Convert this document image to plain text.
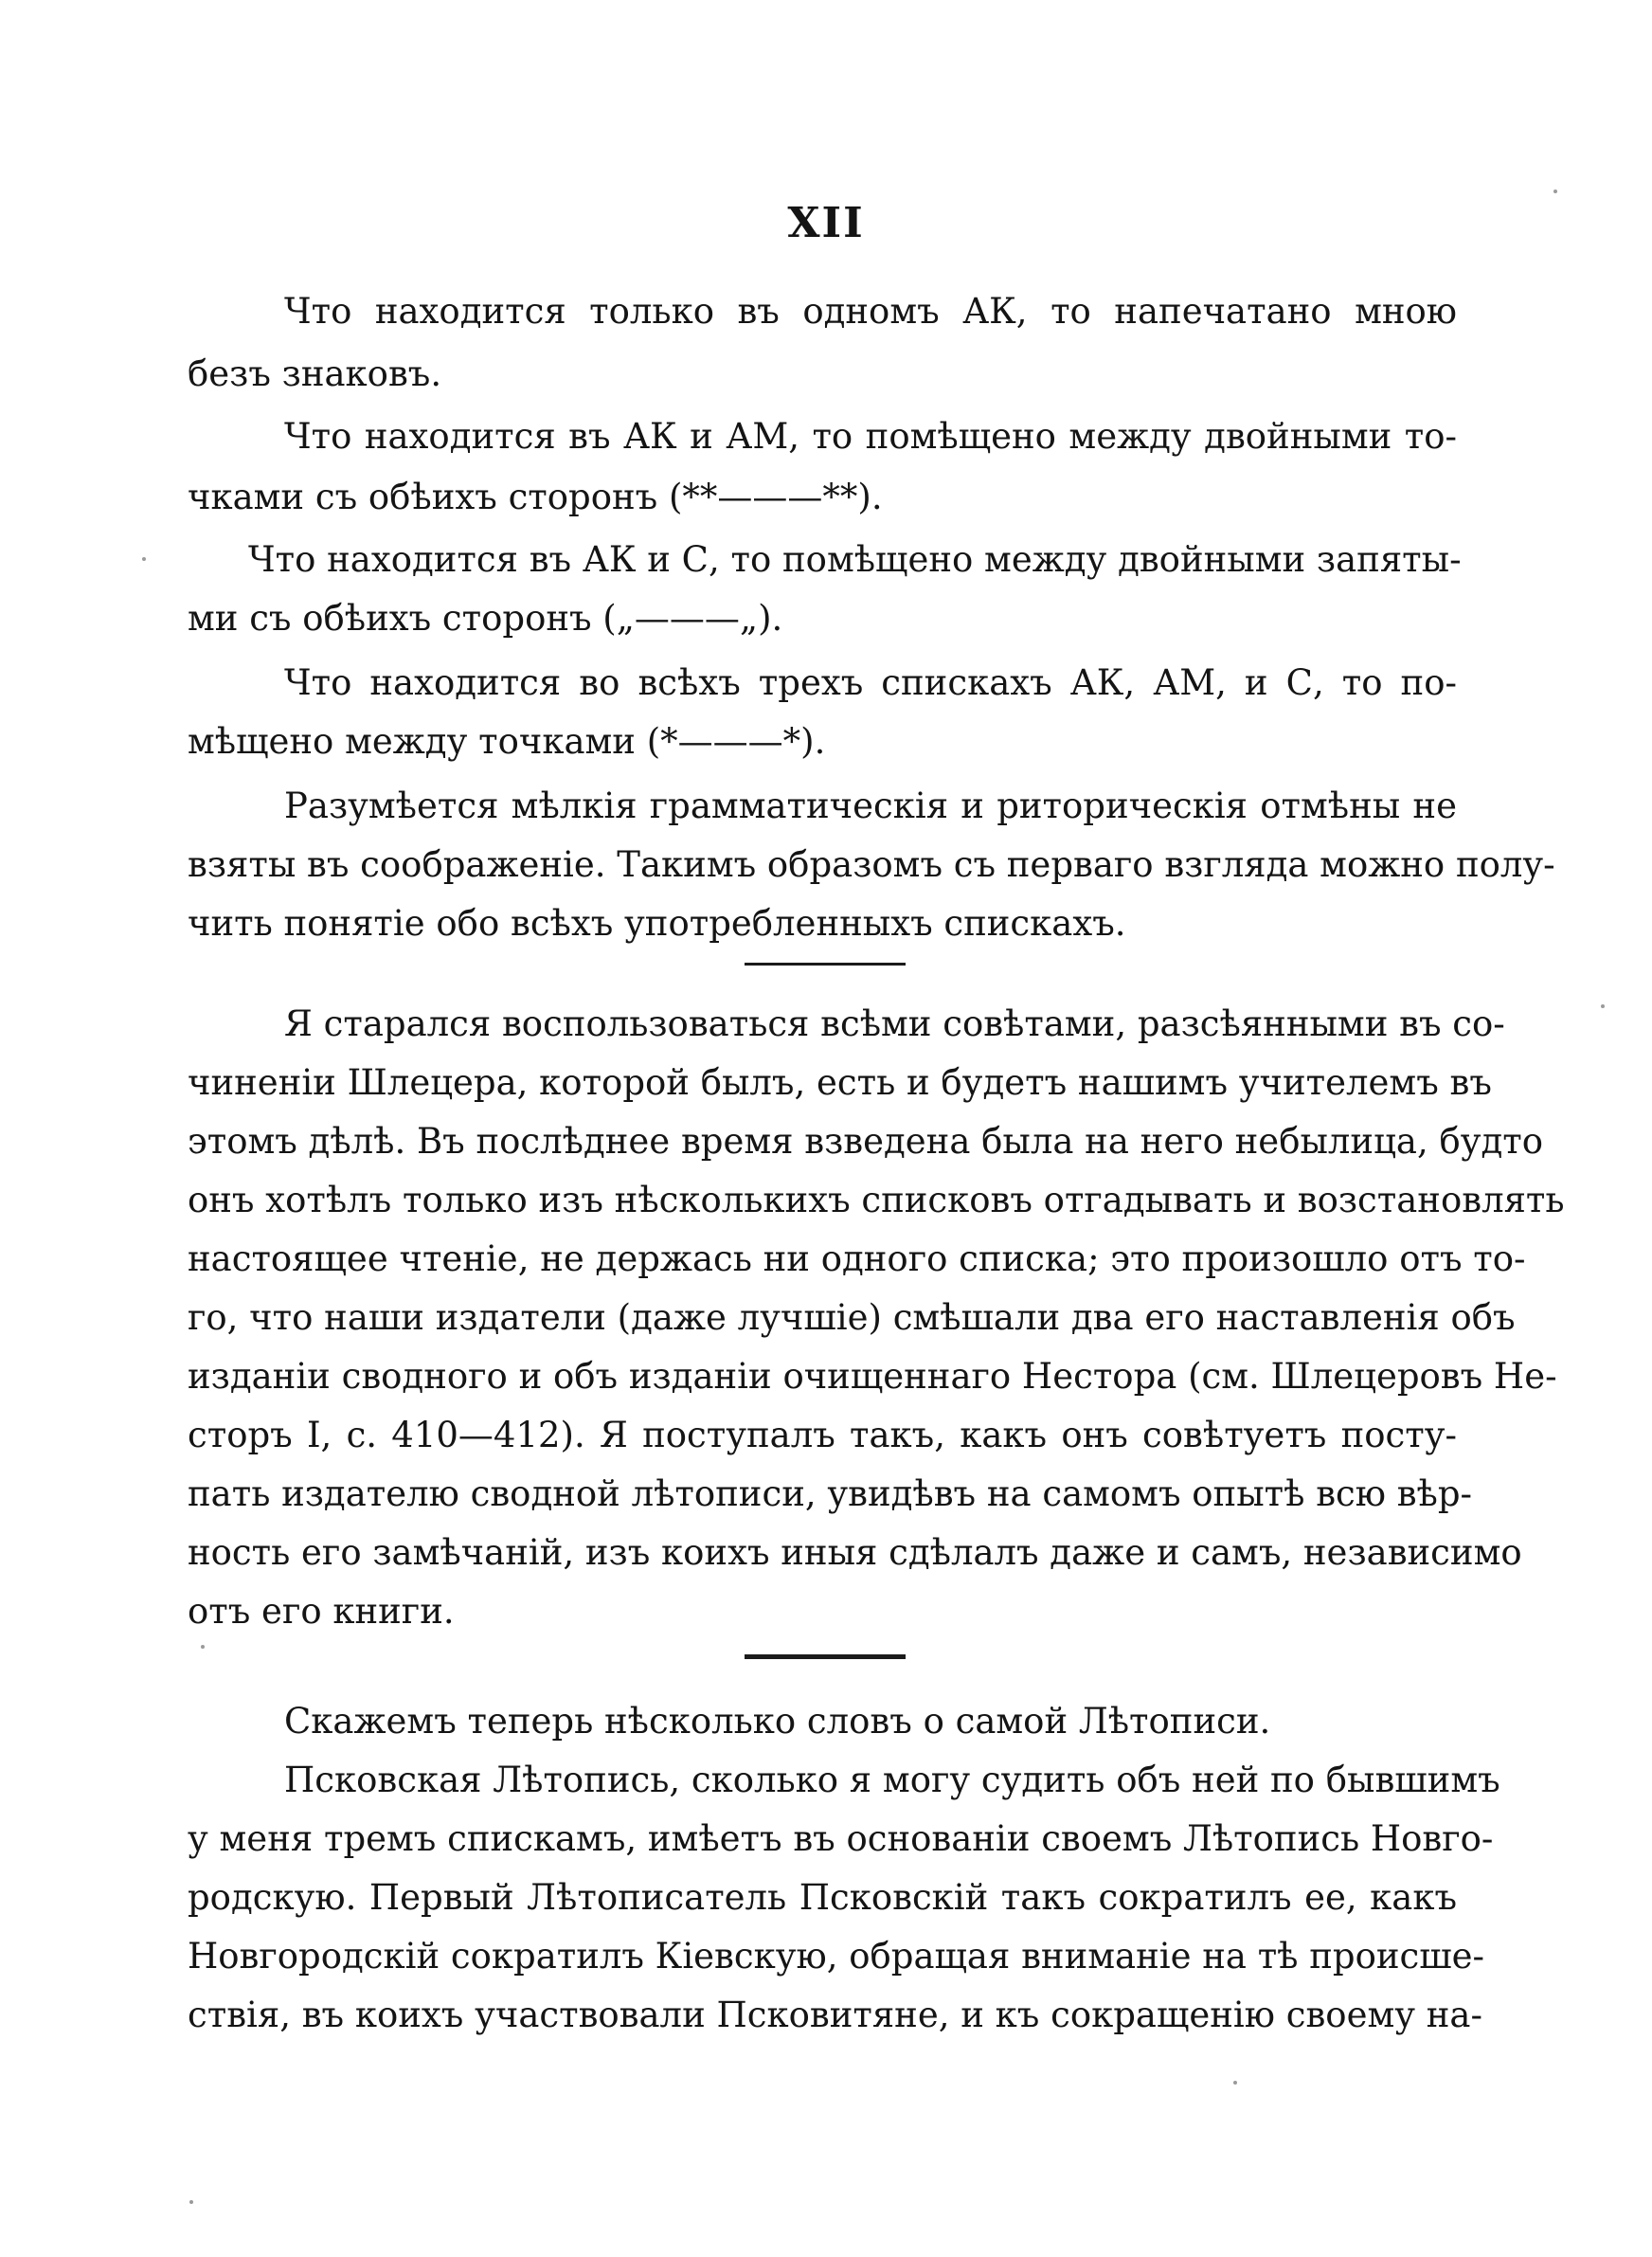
XII
Что находится только въ одномъ АК, то напечатано мною
безъ знаковъ.
Что находится въ АК и АМ, то помѣщено между двойными то-
чками съ обѣихъ сторонъ (**———**).
Что находится въ АК и С, то помѣщено между двойными запяты-
ми съ обѣихъ сторонъ („———„).
Что находится во всѣхъ трехъ спискахъ АК, АМ, и С, то по-
мѣщено между точками (*———*).
Разумѣется мѣлкія грамматическія и риторическія отмѣны не
взяты въ соображеніе. Такимъ образомъ съ перваго взгляда можно полу-
чить понятіе обо всѣхъ употребленныхъ спискахъ.
Я старался воспользоваться всѣми совѣтами, разсѣянными въ со-
чиненіи Шлецера, которой былъ, есть и будетъ нашимъ учителемъ въ
этомъ дѣлѣ. Въ послѣднее время взведена была на него небылица, будто
онъ хотѣлъ только изъ нѣсколькихъ списковъ отгадывать и возстановлять
настоящее чтеніе, не держась ни одного списка; это произошло отъ то-
го, что наши издатели (даже лучшіе) смѣшали два его наставленія объ
изданіи сводного и объ изданіи очищеннаго Нестора (см. Шлецеровъ Не-
сторъ I, с. 410—412). Я поступалъ такъ, какъ онъ совѣтуетъ посту-
пать издателю сводной лѣтописи, увидѣвъ на самомъ опытѣ всю вѣр-
ность его замѣчаній, изъ коихъ иныя сдѣлалъ даже и самъ, независимо
отъ его книги.
Скажемъ теперь нѣсколько словъ о самой Лѣтописи.
Псковская Лѣтопись, сколько я могу судить объ ней по бывшимъ
у меня тремъ спискамъ, имѣетъ въ основаніи своемъ Лѣтопись Новго-
родскую. Первый Лѣтописатель Псковскій такъ сократилъ ее, какъ
Новгородскій сократилъ Кіевскую, обращая вниманіе на тѣ происше-
ствія, въ коихъ участвовали Псковитяне, и къ сокращенію своему на-
